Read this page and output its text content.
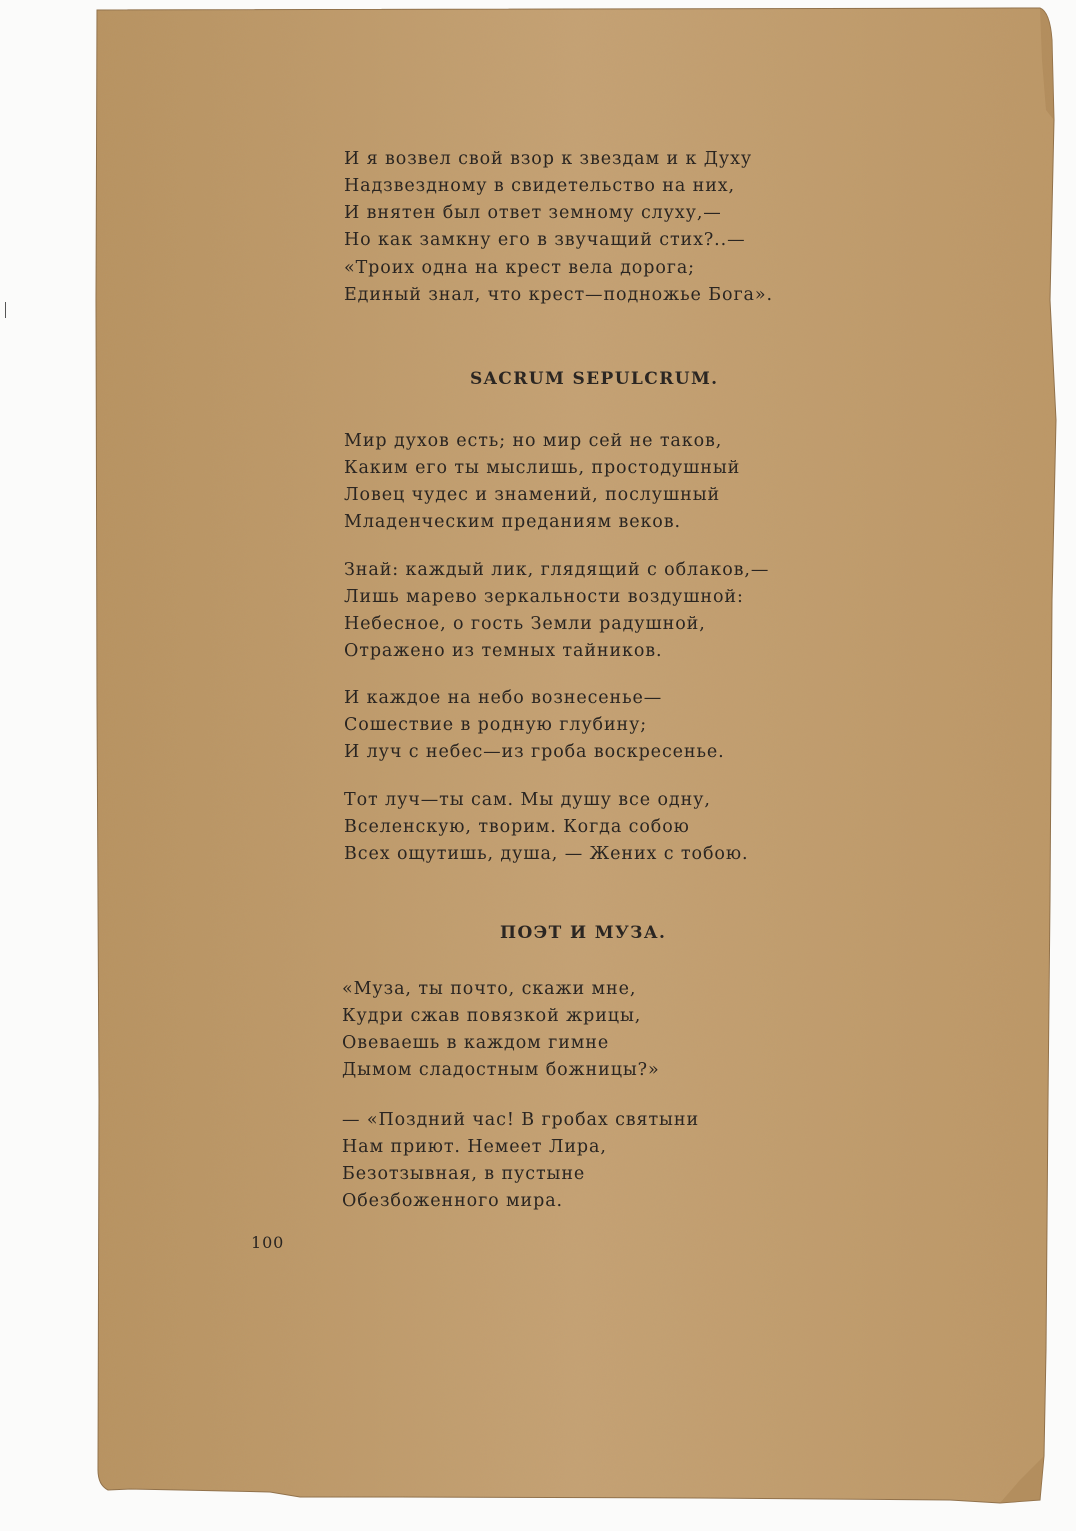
И я возвел свой взор к звездам и к Духу
Надзвездному в свидетельство на них,
И внятен был ответ земному слуху,—
Но как замкну его в звучащий стих?..—
«Троих одна на крест вела дорога;
Единый знал, что крест—подножье Бога».
SACRUM SEPULCRUM.
Мир духов есть; но мир сей не таков,
Каким его ты мыслишь, простодушный
Ловец чудес и знамений, послушный
Младенческим преданиям веков.
Знай: каждый лик, глядящий с облаков,—
Лишь марево зеркальности воздушной:
Небесное, о гость Земли радушной,
Отражено из темных тайников.
И каждое на небо вознесенье—
Сошествие в родную глубину;
И луч с небес—из гроба воскресенье.
Тот луч—ты сам. Мы душу все одну,
Вселенскую, творим. Когда собою
Всех ощутишь, душа, — Жених с тобою.
ПОЭТ И МУЗА.
«Муза, ты почто, скажи мне,
Кудри сжав повязкой жрицы,
Овеваешь в каждом гимне
Дымом сладостным божницы?»
— «Поздний час! В гробах святыни
Нам приют. Немеет Лира,
Безотзывная, в пустыне
Обезбоженного мира.
100
